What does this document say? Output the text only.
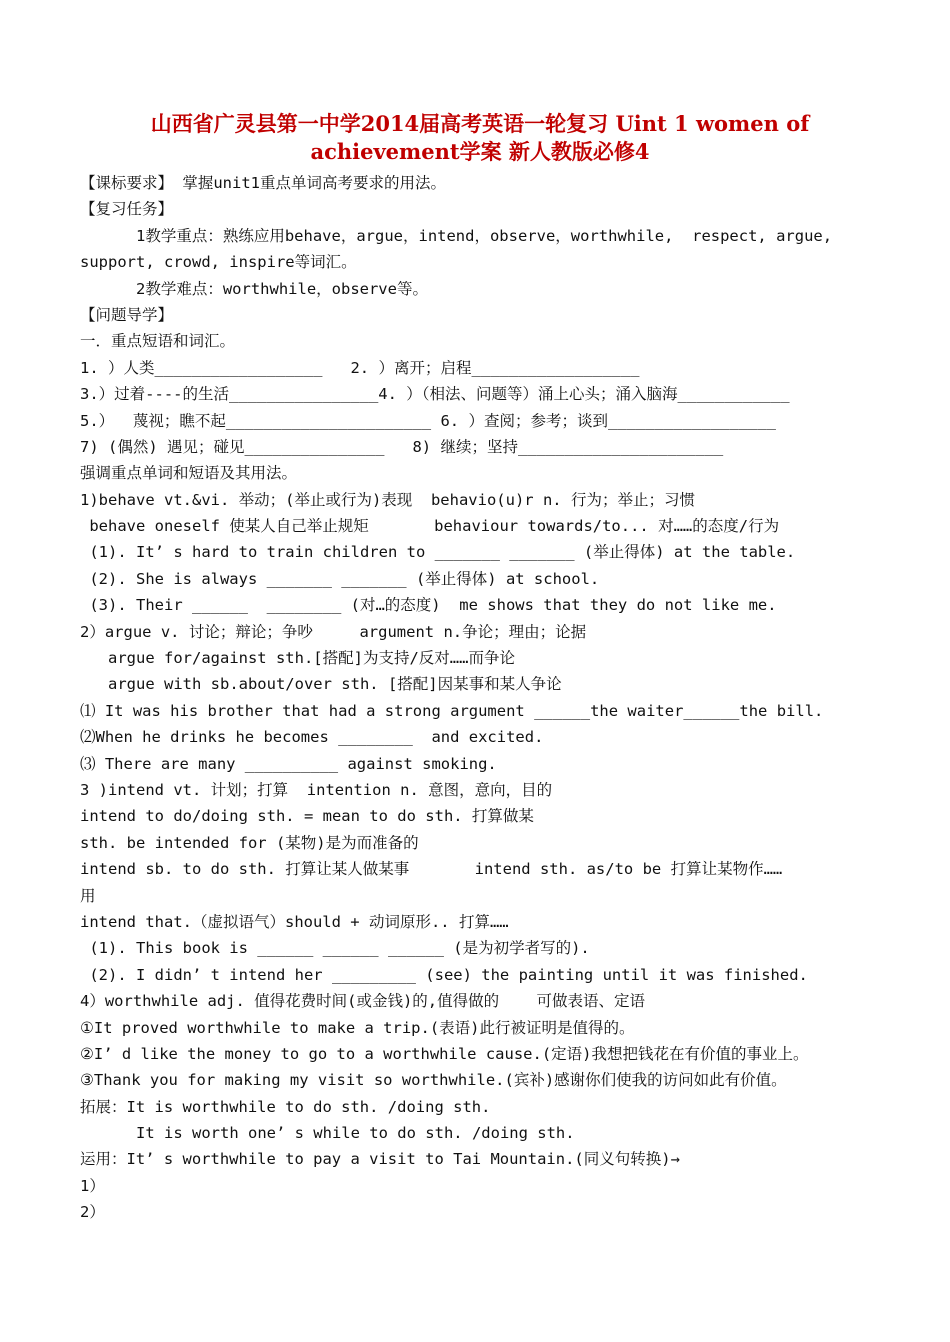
山西省广灵县第一中学2014届高考英语一轮复习 Uint 1 women of
achievement学案 新人教版必修4
【课标要求】 掌握unit1重点单词高考要求的用法。
【复习任务】
1教学重点：熟练应用behave，argue，intend，observe，worthwhile,  respect, argue,
support, crowd, inspire等词汇。
2教学难点：worthwhile，observe等。
【问题导学】
一．重点短语和词汇。
1. ）人类__________________   2. ）离开；启程__________________
3.）过着----的生活________________4. ）（相法、问题等）涌上心头；涌入脑海____________
5.）  蔑视；瞧不起______________________ 6. ）查阅；参考；谈到__________________
7) (偶然) 遇见；碰见_______________   8) 继续；坚持______________________
强调重点单词和短语及其用法。
1)behave vt.&vi. 举动；(举止或行为)表现  behavio(u)r n. 行为；举止；习惯
behave oneself 使某人自己举止规矩       behaviour towards/to... 对……的态度/行为
(1). It’ s hard to train children to _______ _______ (举止得体) at the table.
(2). She is always _______ _______ (举止得体) at school.
(3). Their ______  ________ (对…的态度)  me shows that they do not like me.
2）argue v. 讨论；辩论；争吵     argument n.争论；理由；论据
argue for/against sth.[搭配]为支持/反对……而争论
argue with sb.about/over sth. [搭配]因某事和某人争论
⑴ It was his brother that had a strong argument ______the waiter______the bill.
⑵When he drinks he becomes ________  and excited.
⑶ There are many __________ against smoking.
3 )intend vt. 计划；打算  intention n. 意图，意向，目的
intend to do/doing sth. = mean to do sth. 打算做某
sth. be intended for (某物)是为而准备的
intend sb. to do sth. 打算让某人做某事       intend sth. as/to be 打算让某物作……
用
intend that.（虚拟语气）should + 动词原形.. 打算……
(1). This book is ______ ______ ______ (是为初学者写的).
(2). I didn’ t intend her _________ (see) the painting until it was finished.
4）worthwhile adj. 值得花费时间(或金钱)的,值得做的    可做表语、定语
①It proved worthwhile to make a trip.(表语)此行被证明是值得的。
②I’ d like the money to go to a worthwhile cause.(定语)我想把钱花在有价值的事业上。
③Thank you for making my visit so worthwhile.(宾补)感谢你们使我的访问如此有价值。
拓展：It is worthwhile to do sth. /doing sth.
It is worth one’ s while to do sth. /doing sth.
运用：It’ s worthwhile to pay a visit to Tai Mountain.(同义句转换)→
1）
2）
